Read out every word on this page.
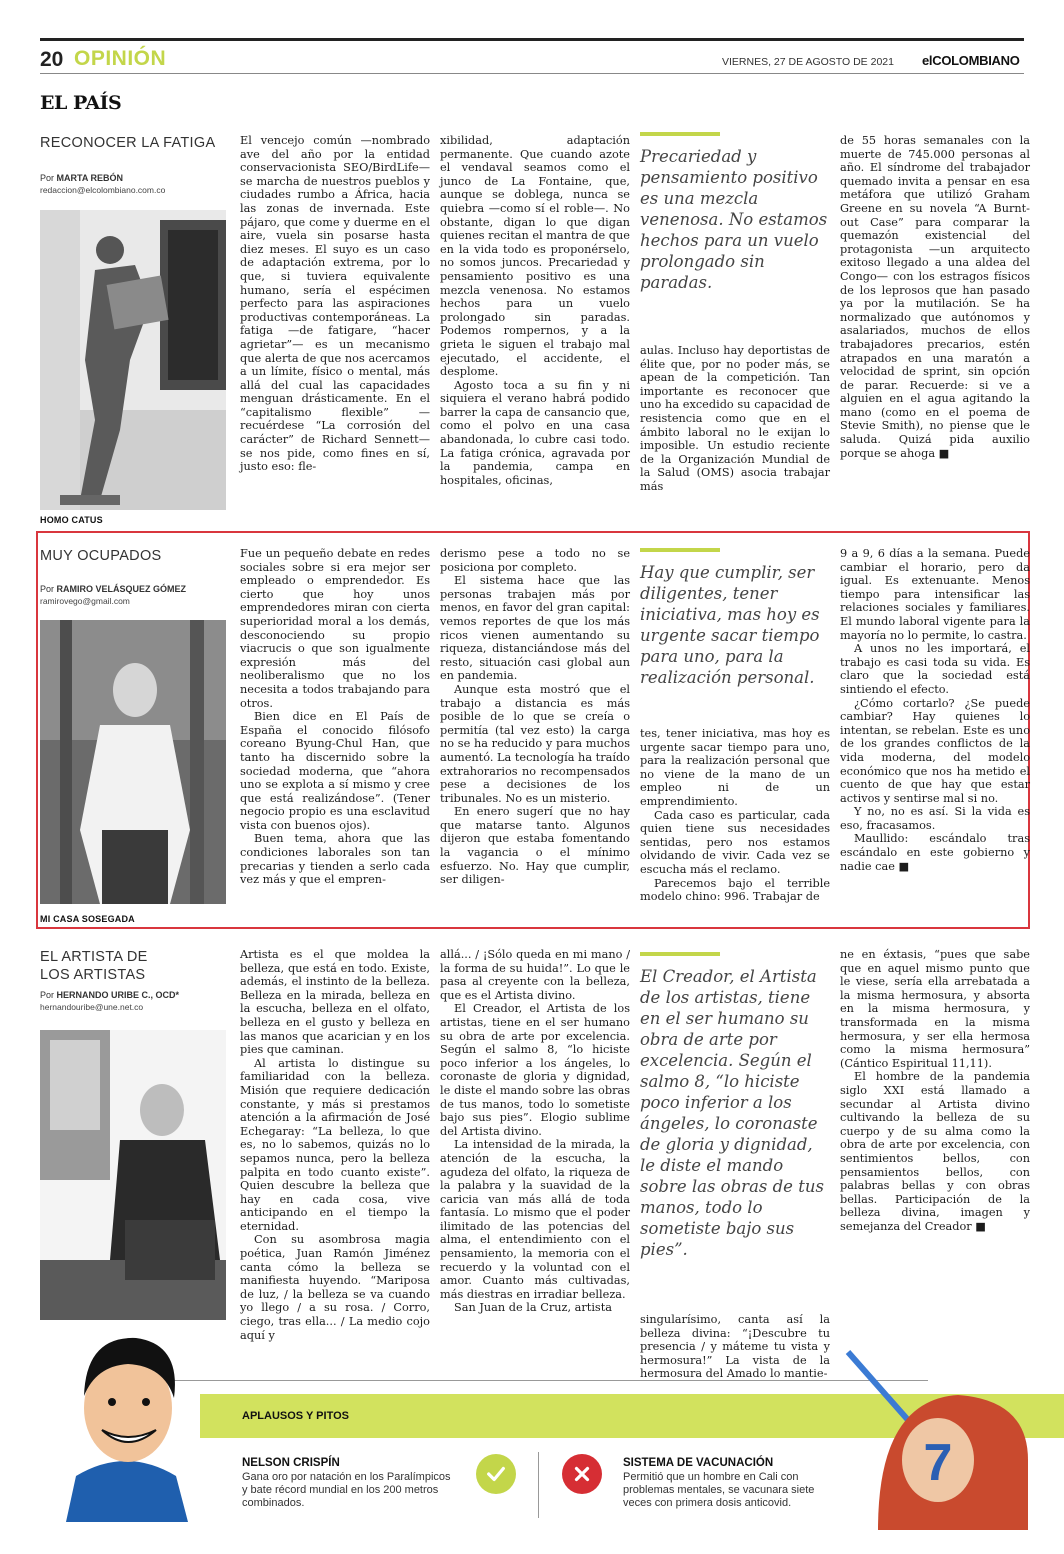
20 OPINIÓN	VIERNES, 27 DE AGOSTO DE 2021 elCOLOMBIANO
EL PAÍS
RECONOCER LA FATIGA
Por MARTA REBÓN
redaccion@elcolombiano.com.co
HOMO CATUS

El vencejo común —nombrado ave del año por la entidad conservacionista SEO/BirdLife— se marcha de nuestros pueblos y ciudades rumbo a África, hacia las zonas de invernada. Este pájaro, que come y duerme en el aire, vuela sin posarse hasta diez meses. El suyo es un caso de adaptación extrema, por lo que, si tuviera equivalente humano, sería el espécimen perfecto para las aspiraciones productivas contemporáneas. La fatiga —de fatigare, “hacer agrietar”— es un mecanismo que alerta de que nos acercamos a un límite, físico o mental, más allá del cual las capacidades menguan drásticamente. En el “capitalismo flexible” —recuérdese “La corrosión del carácter” de Richard Sennett— se nos pide, como fines en sí, justo eso: fle-

xibilidad, adaptación permanente. Que cuando azote el vendaval seamos como el junco de La Fontaine, que, aunque se doblega, nunca se quiebra —como sí el roble—. No obstante, digan lo que digan quienes recitan el mantra de que en la vida todo es proponérselo, no somos juncos. Precariedad y pensamiento positivo es una mezcla venenosa. No estamos hechos para un vuelo prolongado sin paradas. Podemos rompernos, y a la grieta le siguen el trabajo mal ejecutado, el accidente, el desplome.

Agosto toca a su fin y ni siquiera el verano habrá podido barrer la capa de cansancio que, como el polvo en una casa abandonada, lo cubre casi todo. La fatiga crónica, agravada por la pandemia, campa en hospitales, oficinas,

Precariedad y pensamiento positivo es una mezcla venenosa. No estamos hechos para un vuelo prolongado sin paradas.

aulas. Incluso hay deportistas de élite que, por no poder más, se apean de la competición. Tan importante es reconocer que uno ha excedido su capacidad de resistencia como que en el ámbito laboral no le exijan lo imposible. Un estudio reciente de la Organización Mundial de la Salud (OMS) asocia trabajar más

de 55 horas semanales con la muerte de 745.000 personas al año. El síndrome del trabajador quemado invita a pensar en esa metáfora que utilizó Graham Greene en su novela “A Burnt-out Case” para comparar la quemazón existencial del protagonista —un arquitecto exitoso llegado a una aldea del Congo— con los estragos físicos de los leprosos que han pasado ya por la mutilación. Se ha normalizado que autónomos y asalariados, muchos de ellos trabajadores precarios, estén atrapados en una maratón a velocidad de sprint, sin opción de parar. Recuerde: si ve a alguien en el agua agitando la mano (como en el poema de Stevie Smith), no piense que le saluda. Quizá pida auxilio porque se ahoga ■

MUY OCUPADOS
Por RAMIRO VELÁSQUEZ GÓMEZ
ramirovego@gmail.com
MI CASA SOSEGADA

Fue un pequeño debate en redes sociales sobre si era mejor ser empleado o emprendedor. Es cierto que hoy unos emprendedores miran con cierta superioridad moral a los demás, desconociendo su propio viacrucis o que son igualmente expresión más del neoliberalismo que no los necesita a todos trabajando para otros.

Bien dice en El País de España el conocido filósofo coreano Byung-Chul Han, que tanto ha discernido sobre la sociedad moderna, que “ahora uno se explota a sí mismo y cree que está realizándose”. (Tener negocio propio es una esclavitud vista con buenos ojos).

Buen tema, ahora que las condiciones laborales son tan precarias y tienden a serlo cada vez más y que el empren-

derismo pese a todo no se posiciona por completo.

El sistema hace que las personas trabajen más por menos, en favor del gran capital: vemos reportes de que los más ricos vienen aumentando su riqueza, distanciándose más del resto, situación casi global aun en pandemia.

Aunque esta mostró que el trabajo a distancia es más posible de lo que se creía o permitía (tal vez esto) la carga no se ha reducido y para muchos aumentó. La tecnología ha traído extrahorarios no recompensados pese a decisiones de los tribunales. No es un misterio.

En enero sugerí que no hay que matarse tanto. Algunos dijeron que estaba fomentando la vagancia o el mínimo esfuerzo. No. Hay que cumplir, ser diligen-

Hay que cumplir, ser diligentes, tener iniciativa, mas hoy es urgente sacar tiempo para uno, para la realización personal.

tes, tener iniciativa, mas hoy es urgente sacar tiempo para uno, para la realización personal que no viene de la mano de un empleo ni de un emprendimiento.

Cada caso es particular, cada quien tiene sus necesidades sentidas, pero nos estamos olvidando de vivir. Cada vez se escucha más el reclamo.

Parecemos bajo el terrible modelo chino: 996. Trabajar de

9 a 9, 6 días a la semana. Puede cambiar el horario, pero da igual. Es extenuante. Menos tiempo para intensificar las relaciones sociales y familiares. El mundo laboral vigente para la mayoría no lo permite, lo castra.

A unos no les importará, el trabajo es casi toda su vida. Es claro que la sociedad está sintiendo el efecto.

¿Cómo cortarlo? ¿Se puede cambiar? Hay quienes lo intentan, se rebelan. Este es uno de los grandes conflictos de la vida moderna, del modelo económico que nos ha metido el cuento de que hay que estar activos y sentirse mal si no.

Y no, no es así. Si la vida es eso, fracasamos.

Maullido: escándalo tras escándalo en este gobierno y nadie cae ■

EL ARTISTA DE
LOS ARTISTAS
Por HERNANDO URIBE C., OCD*
hernandouribe@une.net.co

Artista es el que moldea la belleza, que está en todo. Existe, además, el instinto de la belleza. Belleza en la mirada, belleza en la escucha, belleza en el olfato, belleza en el gusto y belleza en las manos que acarician y en los pies que caminan.

Al artista lo distingue su familiaridad con la belleza. Misión que requiere dedicación constante, y más si prestamos atención a la afirmación de José Echegaray: “La belleza, lo que es, no lo sabemos, quizás no lo sepamos nunca, pero la belleza palpita en todo cuanto existe”. Quien descubre la belleza que hay en cada cosa, vive anticipando en el tiempo la eternidad.

Con su asombrosa magia poética, Juan Ramón Jiménez canta cómo la belleza se manifiesta huyendo. “Mariposa de luz, / la belleza se va cuando yo llego / a su rosa. / Corro, ciego, tras ella... / La medio cojo aquí y

allá... / ¡Sólo queda en mi mano / la forma de su huida!”. Lo que le pasa al creyente con la belleza, que es el Artista divino.

El Creador, el Artista de los artistas, tiene en el ser humano su obra de arte por excelencia. Según el salmo 8, “lo hiciste poco inferior a los ángeles, lo coronaste de gloria y dignidad, le diste el mando sobre las obras de tus manos, todo lo sometiste bajo sus pies”. Elogio sublime del Artista divino.

La intensidad de la mirada, la atención de la escucha, la agudeza del olfato, la riqueza de la palabra y la suavidad de la caricia van más allá de toda fantasía. Lo mismo que el poder ilimitado de las potencias del alma, el entendimiento con el pensamiento, la memoria con el recuerdo y la voluntad con el amor. Cuanto más cultivadas, más diestras en irradiar belleza.

San Juan de la Cruz, artista

El Creador, el Artista de los artistas, tiene en el ser humano su obra de arte por excelencia. Según el salmo 8, “lo hiciste poco inferior a los ángeles, lo coronaste de gloria y dignidad, le diste el mando sobre las obras de tus manos, todo lo sometiste bajo sus pies”.

singularísimo, canta así la belleza divina: “¡Descubre tu presencia / y máteme tu vista y hermosura!” La vista de la hermosura del Amado lo mantie-

ne en éxtasis, “pues que sabe que en aquel mismo punto que le viese, sería ella arrebatada a la misma hermosura, y absorta en la misma hermosura, y transformada en la misma hermosura, y ser ella hermosa como la misma hermosura” (Cántico Espiritual 11,11).

El hombre de la pandemia siglo XXI está llamado a secundar al Artista divino cultivando la belleza de su cuerpo y de su alma como la obra de arte por excelencia, con sentimientos bellos, con pensamientos bellos, con palabras bellas y con obras bellas. Participación de la belleza divina, imagen y semejanza del Creador ■

APLAUSOS Y PITOS
NELSON CRISPÍN
Gana oro por natación en los Paralímpicos y bate récord mundial en los 200 metros combinados.
SISTEMA DE VACUNACIÓN
Permitió que un hombre en Cali con problemas mentales, se vacunara siete veces con primera dosis anticovid.
7
